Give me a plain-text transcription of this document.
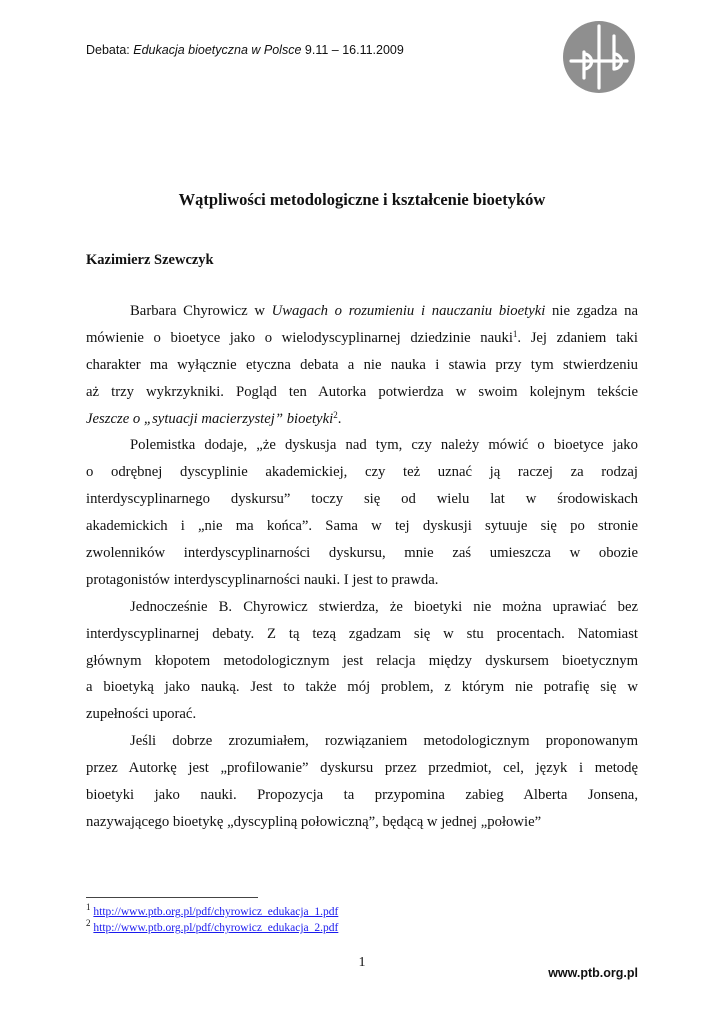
Debata: Edukacja bioetyczna w Polsce 9.11 – 16.11.2009
Wątpliwości metodologiczne i kształcenie bioetyków
Kazimierz Szewczyk

Barbara Chyrowicz w Uwagach o rozumieniu i nauczaniu bioetyki nie zgadza na
mówienie o bioetyce jako o wielodyscyplinarnej dziedzinie nauki$^1$. Jej zdaniem taki
charakter ma wyłącznie etyczna debata a nie nauka i stawia przy tym stwierdzeniu
aż trzy wykrzykniki. Pogląd ten Autorka potwierdza w swoim kolejnym tekście
Jeszcze o „sytuacji macierzystej” bioetyki$^2$.

Polemistka dodaje, „że dyskusja nad tym, czy należy mówić o bioetyce jako
o odrębnej dyscyplinie akademickiej, czy też uznać ją raczej za rodzaj
interdyscyplinarnego dyskursu” toczy się od wielu lat w środowiskach
akademickich i „nie ma końca”. Sama w tej dyskusji sytuuje się po stronie
zwolenników interdyscyplinarności dyskursu, mnie zaś umieszcza w obozie
protagonistów interdyscyplinarności nauki. I jest to prawda.

Jednocześnie B. Chyrowicz stwierdza, że bioetyki nie można uprawiać bez
interdyscyplinarnej debaty. Z tą tezą zgadzam się w stu procentach. Natomiast
głównym kłopotem metodologicznym jest relacja między dyskursem bioetycznym
a bioetyką jako nauką. Jest to także mój problem, z którym nie potrafię się w
zupełności uporać.

Jeśli dobrze zrozumiałem, rozwiązaniem metodologicznym proponowanym
przez Autorkę jest „profilowanie” dyskursu przez przedmiot, cel, język i metodę
bioetyki jako nauki. Propozycja ta przypomina zabieg Alberta Jonsena,
nazywającego bioetykę „dyscypliną połowiczną”, będącą w jednej „połowie”

$^1$ http://www.ptb.org.pl/pdf/chyrowicz_edukacja_1.pdf
$^2$ http://www.ptb.org.pl/pdf/chyrowicz_edukacja_2.pdf
1
www.ptb.org.pl
